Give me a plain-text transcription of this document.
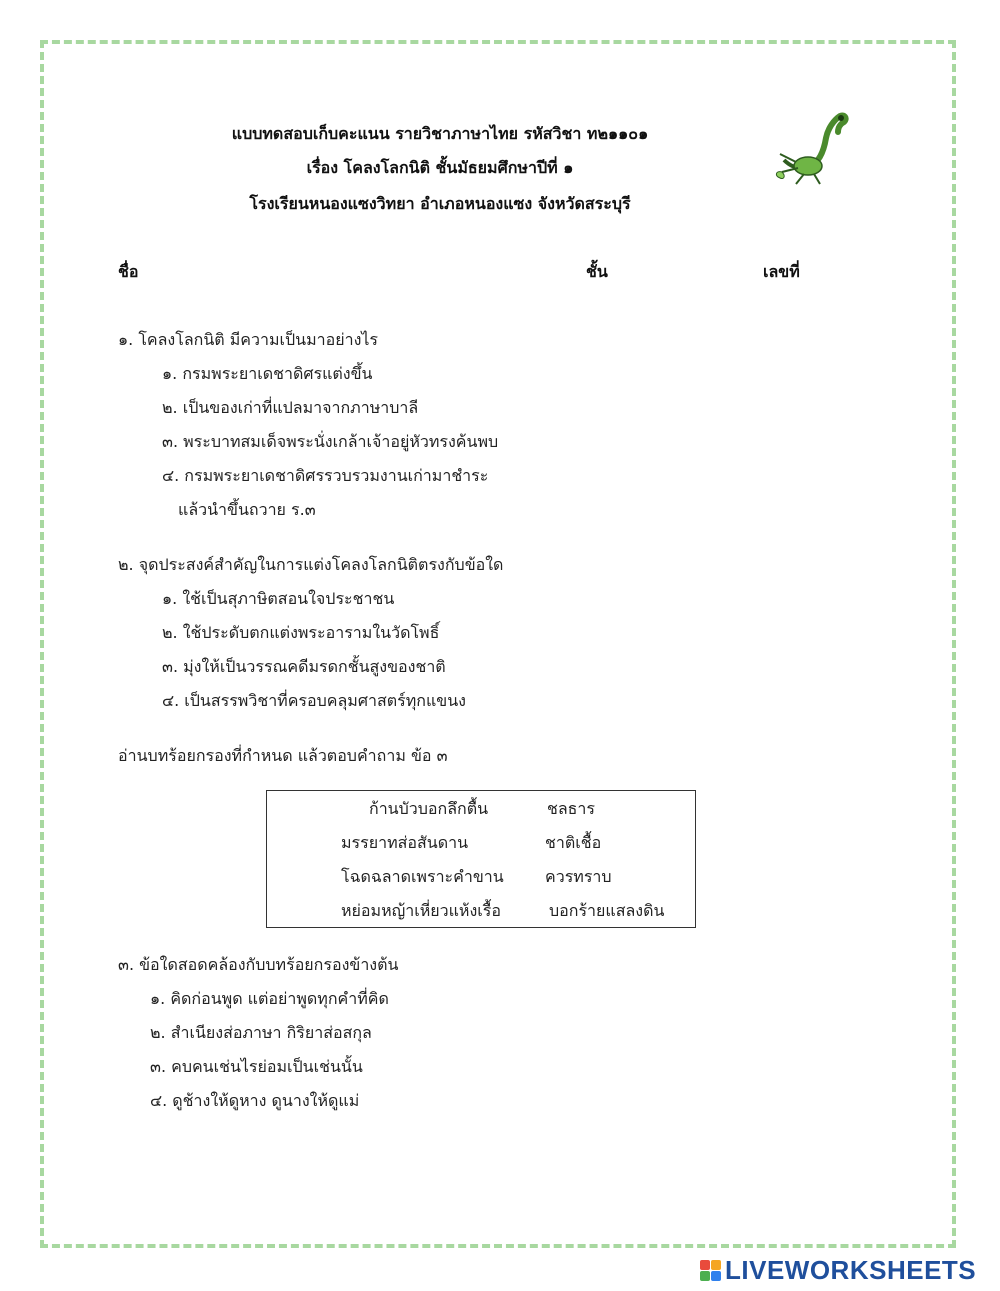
แบบทดสอบเก็บคะแนน รายวิชาภาษาไทย รหัสวิชา ท๒๑๑๐๑
เรื่อง โคลงโลกนิติ ชั้นมัธยมศึกษาปีที่ ๑
โรงเรียนหนองแซงวิทยา อำเภอหนองแซง จังหวัดสระบุรี
ชื่อ	ชั้น	เลขที่
๑. โคลงโลกนิติ มีความเป็นมาอย่างไร
๑. กรมพระยาเดชาดิศรแต่งขึ้น
๒. เป็นของเก่าที่แปลมาจากภาษาบาลี
๓. พระบาทสมเด็จพระนั่งเกล้าเจ้าอยู่หัวทรงค้นพบ
๔. กรมพระยาเดชาดิศรรวบรวมงานเก่ามาชำระ
แล้วนำขึ้นถวาย ร.๓
๒. จุดประสงค์สำคัญในการแต่งโคลงโลกนิติตรงกับข้อใด
๑. ใช้เป็นสุภาษิตสอนใจประชาชน
๒. ใช้ประดับตกแต่งพระอารามในวัดโพธิ์
๓. มุ่งให้เป็นวรรณคดีมรดกชั้นสูงของชาติ
๔. เป็นสรรพวิชาที่ครอบคลุมศาสตร์ทุกแขนง
อ่านบทร้อยกรองที่กำหนด แล้วตอบคำถาม ข้อ ๓
ก้านบัวบอกลึกตื้น	ชลธาร
มรรยาทส่อสันดาน	ชาติเชื้อ
โฉดฉลาดเพราะคำขาน	ควรทราบ
หย่อมหญ้าเหี่ยวแห้งเรื้อ	บอกร้ายแสลงดิน
๓. ข้อใดสอดคล้องกับบทร้อยกรองข้างต้น
๑. คิดก่อนพูด แต่อย่าพูดทุกคำที่คิด
๒. สำเนียงส่อภาษา กิริยาส่อสกุล
๓. คบคนเช่นไรย่อมเป็นเช่นนั้น
๔. ดูช้างให้ดูหาง ดูนางให้ดูแม่
LIVEWORKSHEETS
